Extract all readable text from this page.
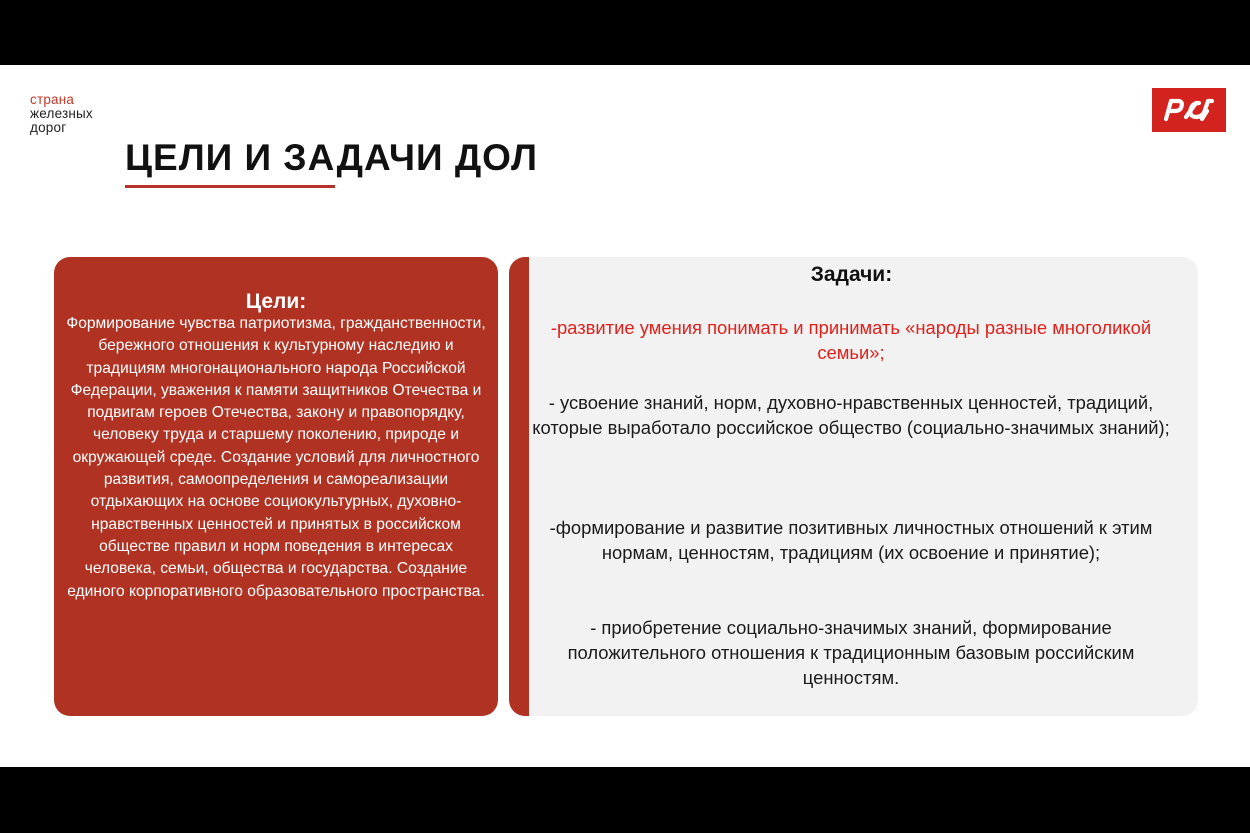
страна
железных
дорог
ЦЕЛИ И ЗАДАЧИ ДОЛ
Цели:
Формирование чувства патриотизма, гражданственности, бережного отношения к культурному наследию и традициям многонационального народа Российской Федерации, уважения к памяти защитников Отечества и подвигам героев Отечества, закону и правопорядку, человеку труда и старшему поколению, природе и окружающей среде. Создание условий для личностного развития, самоопределения и самореализации отдыхающих на основе социокультурных, духовно-нравственных ценностей и принятых в российском обществе правил и норм поведения в интересах человека, семьи, общества и государства. Создание единого корпоративного образовательного пространства.
Задачи:
-развитие умения понимать и принимать «народы разные многоликой семьи»;
- усвоение знаний, норм, духовно-нравственных ценностей, традиций, которые выработало российское общество (социально-значимых знаний);
-формирование и развитие позитивных личностных отношений к этим нормам, ценностям, традициям (их освоение и принятие);
- приобретение социально-значимых знаний, формирование положительного отношения к традиционным базовым российским ценностям.
